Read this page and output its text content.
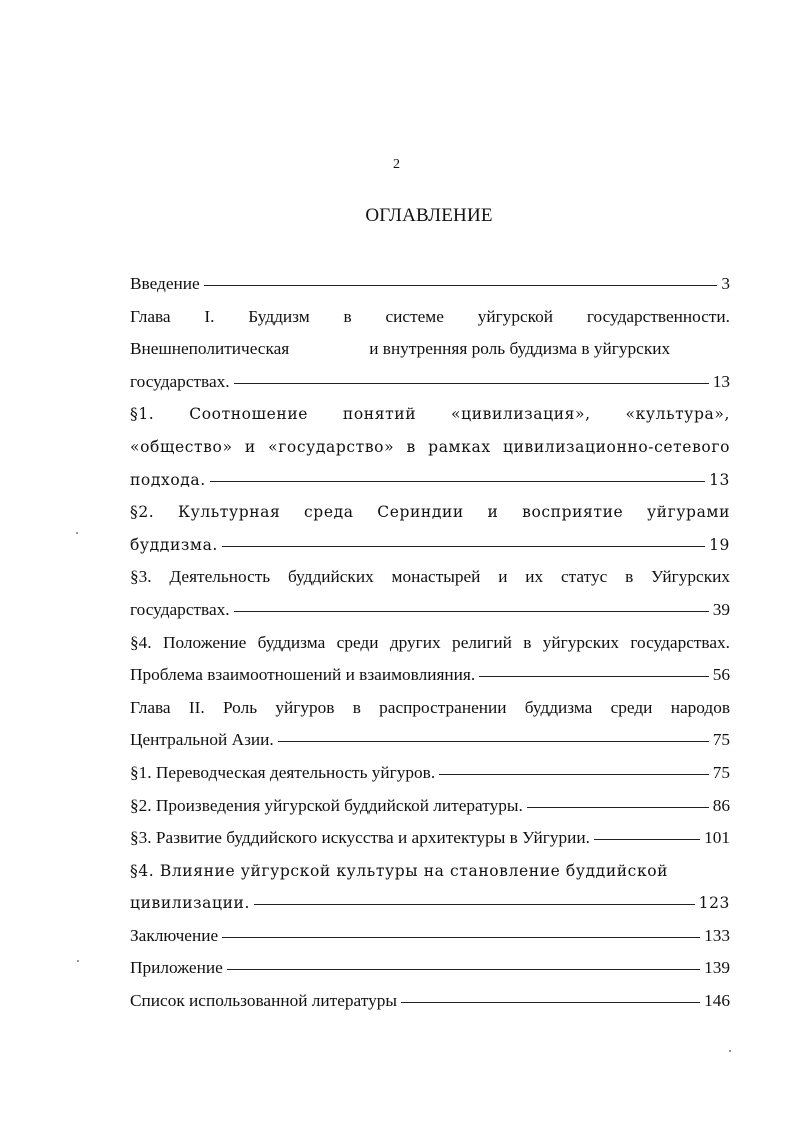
2
ОГЛАВЛЕНИЕ
Введение	3
Глава I. Буддизм в системе уйгурской государственности.
Внешнеполитическая	и внутренняя роль буддизма в уйгурских
государствах.	13
§1. Соотношение понятий «цивилизация», «культура»,
«общество» и «государство» в рамках цивилизационно-сетевого
подхода.	13
§2. Культурная среда Сериндии и восприятие уйгурами
буддизма.	19
§3. Деятельность буддийских монастырей и их статус в Уйгурских
государствах.	39
§4. Положение буддизма среди других религий в уйгурских государствах.
Проблема взаимоотношений и взаимовлияния.	56
Глава II. Роль уйгуров в распространении буддизма среди народов
Центральной Азии.	75
§1. Переводческая деятельность уйгуров.	75
§2. Произведения уйгурской буддийской литературы.	86
§3. Развитие буддийского искусства и архитектуры в Уйгурии.	101
§4. Влияние уйгурской культуры на становление буддийской
цивилизации.	123
Заключение	133
Приложение	139
Список использованной литературы	146
